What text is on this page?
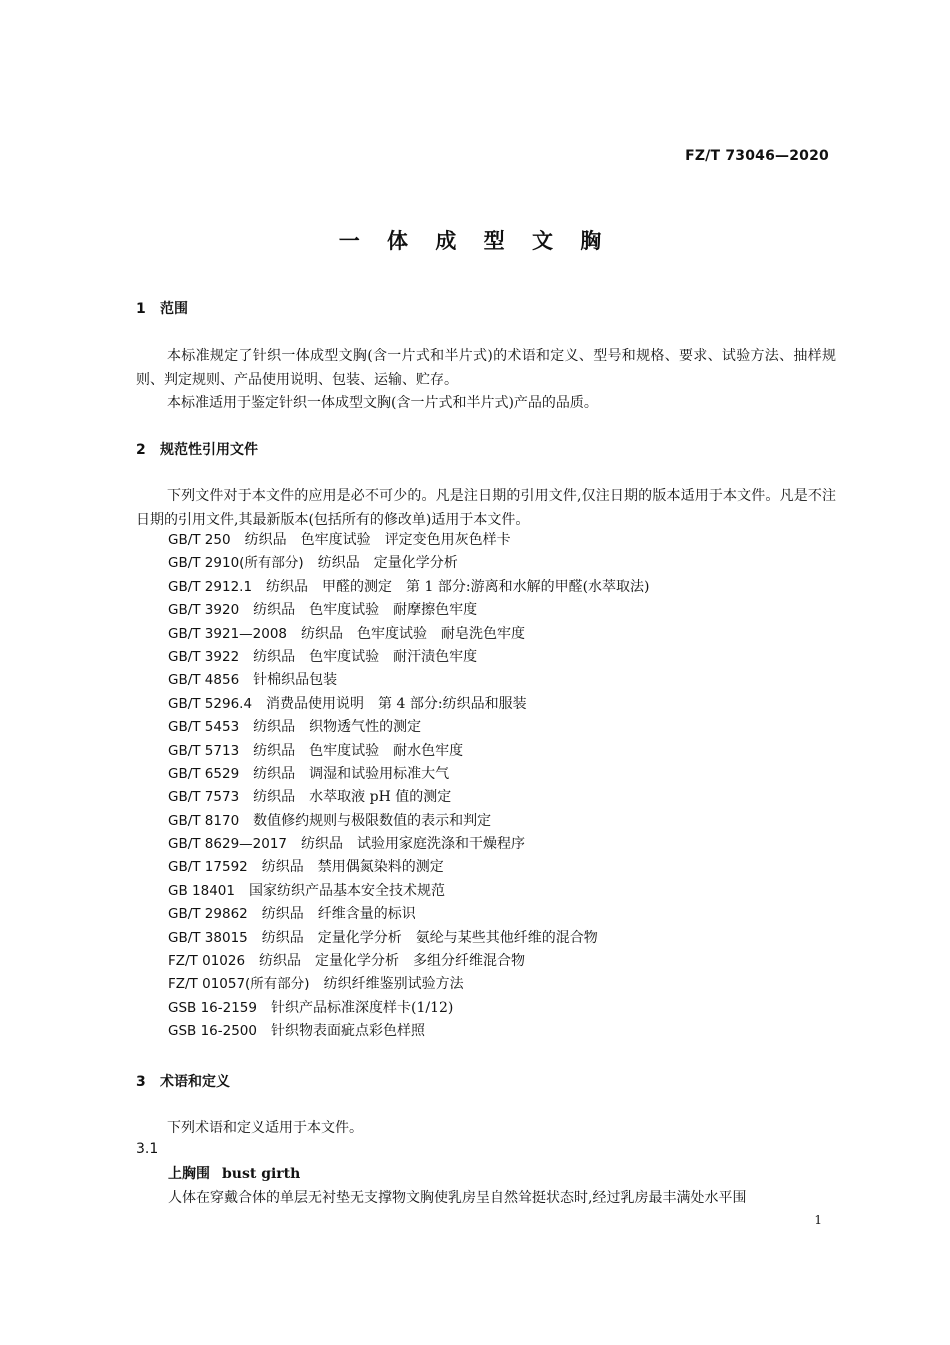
FZ/T 73046—2020
一 体 成 型 文 胸
1 范围
本标准规定了针织一体成型文胸(含一片式和半片式)的术语和定义、型号和规格、要求、试验方法、抽样规则、判定规则、产品使用说明、包装、运输、贮存。
本标准适用于鉴定针织一体成型文胸(含一片式和半片式)产品的品质。
2 规范性引用文件
下列文件对于本文件的应用是必不可少的。凡是注日期的引用文件,仅注日期的版本适用于本文件。凡是不注日期的引用文件,其最新版本(包括所有的修改单)适用于本文件。
GB/T 250　 纺织品　色牢度试验　评定变色用灰色样卡
GB/T 2910(所有部分)　 纺织品　定量化学分析
GB/T 2912.1　 纺织品　甲醛的测定　第 1 部分:游离和水解的甲醛(水萃取法)
GB/T 3920　 纺织品　色牢度试验　耐摩擦色牢度
GB/T 3921—2008　 纺织品　色牢度试验　耐皂洗色牢度
GB/T 3922　 纺织品　色牢度试验　耐汗渍色牢度
GB/T 4856　 针棉织品包装
GB/T 5296.4　 消费品使用说明　第 4 部分:纺织品和服装
GB/T 5453　 纺织品　织物透气性的测定
GB/T 5713　 纺织品　色牢度试验　耐水色牢度
GB/T 6529　 纺织品　调湿和试验用标准大气
GB/T 7573　 纺织品　水萃取液 pH 值的测定
GB/T 8170　 数值修约规则与极限数值的表示和判定
GB/T 8629—2017　 纺织品　试验用家庭洗涤和干燥程序
GB/T 17592　 纺织品　禁用偶氮染料的测定
GB 18401　 国家纺织产品基本安全技术规范
GB/T 29862　 纺织品　纤维含量的标识
GB/T 38015　 纺织品　定量化学分析　氨纶与某些其他纤维的混合物
FZ/T 01026　 纺织品　定量化学分析　多组分纤维混合物
FZ/T 01057(所有部分)　 纺织纤维鉴别试验方法
GSB 16-2159　 针织产品标准深度样卡(1/12)
GSB 16-2500　 针织物表面疵点彩色样照
3 术语和定义
下列术语和定义适用于本文件。
3.1
上胸围 bust girth
人体在穿戴合体的单层无衬垫无支撑物文胸使乳房呈自然耸挺状态时,经过乳房最丰满处水平围
1
